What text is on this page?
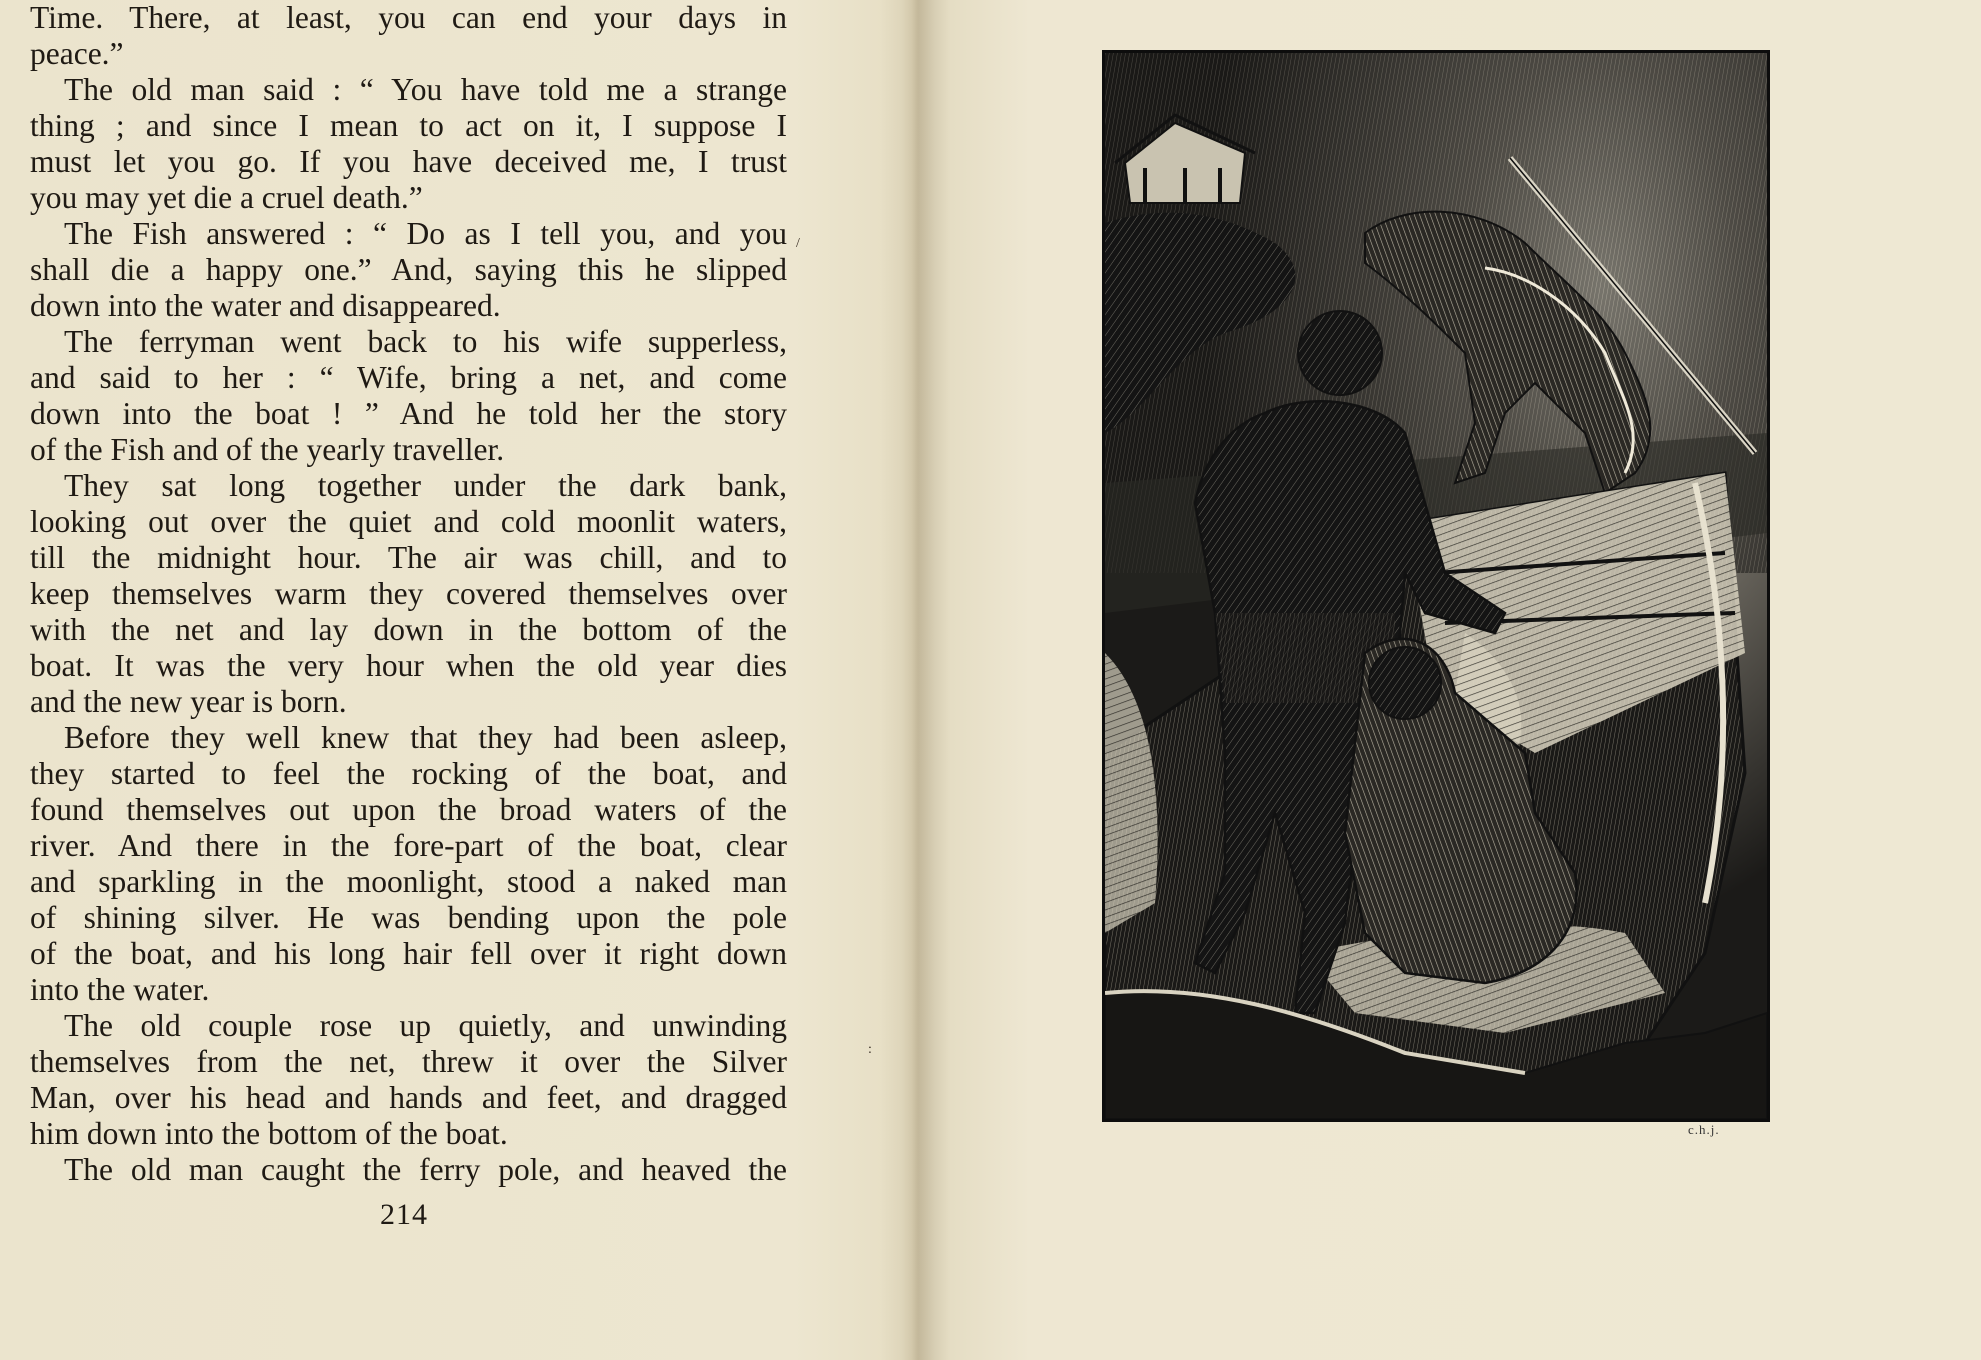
Time. There, at least, you can end your days in
peace.”
The old man said : “ You have told me a strange
thing ; and since I mean to act on it, I suppose I
must let you go. If you have deceived me, I trust
you may yet die a cruel death.”
The Fish answered : “ Do as I tell you, and you
shall die a happy one.” And, saying this he slipped
down into the water and disappeared.
The ferryman went back to his wife supperless,
and said to her : “ Wife, bring a net, and come
down into the boat ! ” And he told her the story
of the Fish and of the yearly traveller.
They sat long together under the dark bank,
looking out over the quiet and cold moonlit waters,
till the midnight hour. The air was chill, and to
keep themselves warm they covered themselves over
with the net and lay down in the bottom of the
boat. It was the very hour when the old year dies
and the new year is born.
Before they well knew that they had been asleep,
they started to feel the rocking of the boat, and
found themselves out upon the broad waters of the
river. And there in the fore-part of the boat, clear
and sparkling in the moonlight, stood a naked man
of shining silver. He was bending upon the pole
of the boat, and his long hair fell over it right down
into the water.
The old couple rose up quietly, and unwinding
themselves from the net, threw it over the Silver
Man, over his head and hands and feet, and dragged
him down into the bottom of the boat.
The old man caught the ferry pole, and heaved the
214
c.h.j.
/
:
